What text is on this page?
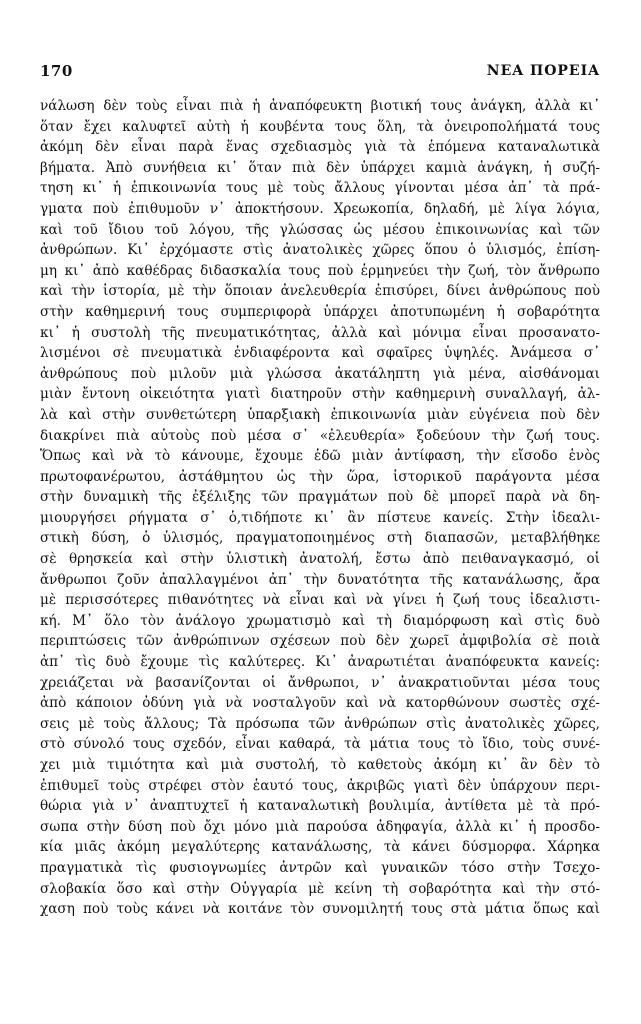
170	ΝΕΑ ΠΟΡΕΙΑ
νάλωση δὲν τοὺς εἶναι πιὰ ἡ ἀναπόφευκτη βιοτική τους ἀνάγκη, ἀλλὰ κι᾽
ὅταν ἔχει καλυφτεῖ αὐτὴ ἡ κουβέντα τους ὅλη, τὰ ὀνειροπολήματά τους
ἀκόμη δὲν εἶναι παρὰ ἕνας σχεδιασμὸς γιὰ τὰ ἑπόμενα καταναλωτικὰ
βήματα. Ἀπὸ συνήθεια κι᾽ ὅταν πιὰ δὲν ὑπάρχει καμιὰ ἀνάγκη, ἡ συζή-
τηση κι᾽ ἡ ἐπικοινωνία τους μὲ τοὺς ἄλλους γίνονται μέσα ἀπ᾽ τὰ πρά-
γματα ποὺ ἐπιθυμοῦν ν᾽ ἀποκτήσουν. Χρεωκοπία, δηλαδή, μὲ λίγα λόγια,
καὶ τοῦ ἴδιου τοῦ λόγου, τῆς γλώσσας ὡς μέσου ἐπικοινωνίας καὶ τῶν
ἀνθρώπων. Κι᾽ ἐρχόμαστε στὶς ἀνατολικὲς χῶρες ὅπου ὁ ὑλισμός, ἐπίση-
μη κι᾽ ἀπὸ καθέδρας διδασκαλία τους ποὺ ἑρμηνεύει τὴν ζωή, τὸν ἄνθρωπο
καὶ τὴν ἱστορία, μὲ τὴν ὅποιαν ἀνελευθερία ἐπισύρει, δίνει ἀνθρώπους ποὺ
στὴν καθημερινή τους συμπεριφορὰ ὑπάρχει ἀποτυπωμένη ἡ σοβαρότητα
κι᾽ ἡ συστολὴ τῆς πνευματικότητας, ἀλλὰ καὶ μόνιμα εἶναι προσανατο-
λισμένοι σὲ πνευματικὰ ἐνδιαφέροντα καὶ σφαῖρες ὑψηλές. Ἀνάμεσα σ᾽
ἀνθρώπους ποὺ μιλοῦν μιὰ γλώσσα ἀκατάληπτη γιὰ μένα, αἰσθάνομαι
μιὰν ἔντονη οἰκειότητα γιατὶ διατηροῦν στὴν καθημερινὴ συναλλαγή, ἀλ-
λὰ καὶ στὴν συνθετώτερη ὑπαρξιακὴ ἐπικοινωνία μιὰν εὐγένεια ποὺ δὲν
διακρίνει πιὰ αὐτοὺς ποὺ μέσα σ᾽ «ἐλευθερία» ξοδεύουν τὴν ζωή τους.
Ὅπως καὶ νὰ τὸ κάνουμε, ἔχουμε ἐδῶ μιὰν ἀντίφαση, τὴν εἴσοδο ἑνὸς
πρωτοφανέρωτου, ἀστάθμητου ὡς τὴν ὥρα, ἱστορικοῦ παράγοντα μέσα
στὴν δυναμικὴ τῆς ἐξέλιξης τῶν πραγμάτων ποὺ δὲ μπορεῖ παρὰ νὰ δη-
μιουργήσει ρήγματα σ᾽ ὁ,τιδήποτε κι᾽ ἂν πίστευε κανείς. Στὴν ἰδεαλι-
στικὴ δύση, ὁ ὑλισμός, πραγματοποιημένος στὴ διαπασῶν, μεταβλήθηκε
σὲ θρησκεία καὶ στὴν ὑλιστικὴ ἀνατολή, ἔστω ἀπὸ πειθαναγκασμό, οἱ
ἄνθρωποι ζοῦν ἀπαλλαγμένοι ἀπ᾽ τὴν δυνατότητα τῆς κατανάλωσης, ἄρα
μὲ περισσότερες πιθανότητες νὰ εἶναι καὶ νὰ γίνει ἡ ζωή τους ἰδεαλιστι-
κή. Μ᾽ ὅλο τὸν ἀνάλογο χρωματισμὸ καὶ τὴ διαμόρφωση καὶ στὶς δυὸ
περιπτώσεις τῶν ἀνθρώπινων σχέσεων ποὺ δὲν χωρεῖ ἀμφιβολία σὲ ποιὰ
ἀπ᾽ τὶς δυὸ ἔχουμε τὶς καλύτερες. Κι᾽ ἀναρωτιέται ἀναπόφευκτα κανείς:
χρειάζεται νὰ βασανίζονται οἱ ἄνθρωποι, ν᾽ ἀνακρατιοῦνται μέσα τους
ἀπὸ κάποιον ὀδύνη γιὰ νὰ νοσταλγοῦν καὶ νὰ κατορθώνουν σωστὲς σχέ-
σεις μὲ τοὺς ἄλλους; Τὰ πρόσωπα τῶν ἀνθρώπων στὶς ἀνατολικὲς χῶρες,
στὸ σύνολό τους σχεδόν, εἶναι καθαρά, τὰ μάτια τους τὸ ἴδιο, τοὺς συνέ-
χει μιὰ τιμιότητα καὶ μιὰ συστολή, τὸ καθετοὺς ἀκόμη κι᾽ ἂν δὲν τὸ
ἐπιθυμεῖ τοὺς στρέφει στὸν ἑαυτό τους, ἀκριβῶς γιατὶ δὲν ὑπάρχουν περι-
θώρια γιὰ ν᾽ ἀναπτυχτεῖ ἡ καταναλωτικὴ βουλιμία, ἀντίθετα μὲ τὰ πρό-
σωπα στὴν δύση ποὺ ὄχι μόνο μιὰ παρούσα ἀδηφαγία, ἀλλὰ κι᾽ ἡ προσδο-
κία μιᾶς ἀκόμη μεγαλύτερης κατανάλωσης, τὰ κάνει δύσμορφα. Χάρηκα
πραγματικὰ τὶς φυσιογνωμίες ἀντρῶν καὶ γυναικῶν τόσο στὴν Τσεχο-
σλοβακία ὅσο καὶ στὴν Οὑγγαρία μὲ κείνη τὴ σοβαρότητα καὶ τὴν στό-
χαση ποὺ τοὺς κάνει νὰ κοιτάνε τὸν συνομιλητή τους στὰ μάτια ὅπως καὶ
